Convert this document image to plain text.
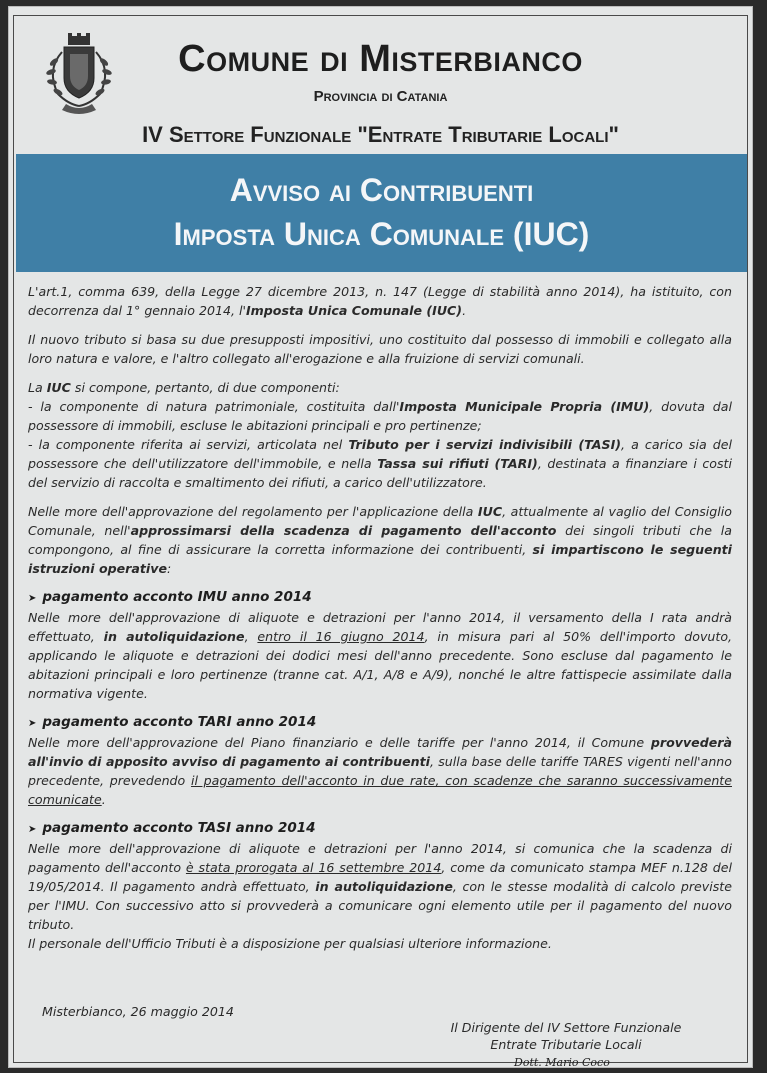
Comune di Misterbianco
Provincia di Catania
IV Settore Funzionale "Entrate Tributarie Locali"
Avviso ai Contribuenti
Imposta Unica Comunale (IUC)

L'art.1, comma 639, della Legge 27 dicembre 2013, n. 147 (Legge di stabilità anno 2014), ha istituito, con decorrenza dal 1° gennaio 2014, l'Imposta Unica Comunale (IUC).

Il nuovo tributo si basa su due presupposti impositivi, uno costituito dal possesso di immobili e collegato alla loro natura e valore, e l'altro collegato all'erogazione e alla fruizione di servizi comunali.

La IUC si compone, pertanto, di due componenti:

- la componente di natura patrimoniale, costituita dall'Imposta Municipale Propria (IMU), dovuta dal possessore di immobili, escluse le abitazioni principali e pro pertinenze;

- la componente riferita ai servizi, articolata nel Tributo per i servizi indivisibili (TASI), a carico sia del possessore che dell'utilizzatore dell'immobile, e nella Tassa sui rifiuti (TARI), destinata a finanziare i costi del servizio di raccolta e smaltimento dei rifiuti, a carico dell'utilizzatore.

Nelle more dell'approvazione del regolamento per l'applicazione della IUC, attualmente al vaglio del Consiglio Comunale, nell'approssimarsi della scadenza di pagamento dell'acconto dei singoli tributi che la compongono, al fine di assicurare la corretta informazione dei contribuenti, si impartiscono le seguenti istruzioni operative:

➤ pagamento acconto IMU anno 2014

Nelle more dell'approvazione di aliquote e detrazioni per l'anno 2014, il versamento della I rata andrà effettuato, in autoliquidazione, entro il 16 giugno 2014, in misura pari al 50% dell'importo dovuto, applicando le aliquote e detrazioni dei dodici mesi dell'anno precedente. Sono escluse dal pagamento le abitazioni principali e loro pertinenze (tranne cat. A/1, A/8 e A/9), nonché le altre fattispecie assimilate dalla normativa vigente.

➤ pagamento acconto TARI anno 2014

Nelle more dell'approvazione del Piano finanziario e delle tariffe per l'anno 2014, il Comune provvederà all'invio di apposito avviso di pagamento ai contribuenti, sulla base delle tariffe TARES vigenti nell'anno precedente, prevedendo il pagamento dell'acconto in due rate, con scadenze che saranno successivamente comunicate.

➤ pagamento acconto TASI anno 2014

Nelle more dell'approvazione di aliquote e detrazioni per l'anno 2014, si comunica che la scadenza di pagamento dell'acconto è stata prorogata al 16 settembre 2014, come da comunicato stampa MEF n.128 del 19/05/2014. Il pagamento andrà effettuato, in autoliquidazione, con le stesse modalità di calcolo previste per l'IMU. Con successivo atto si provvederà a comunicare ogni elemento utile per il pagamento del nuovo tributo.

Il personale dell'Ufficio Tributi è a disposizione per qualsiasi ulteriore informazione.

Misterbianco, 26 maggio 2014
Il Dirigente del IV Settore Funzionale
Entrate Tributarie Locali
Dott. Mario Coco
